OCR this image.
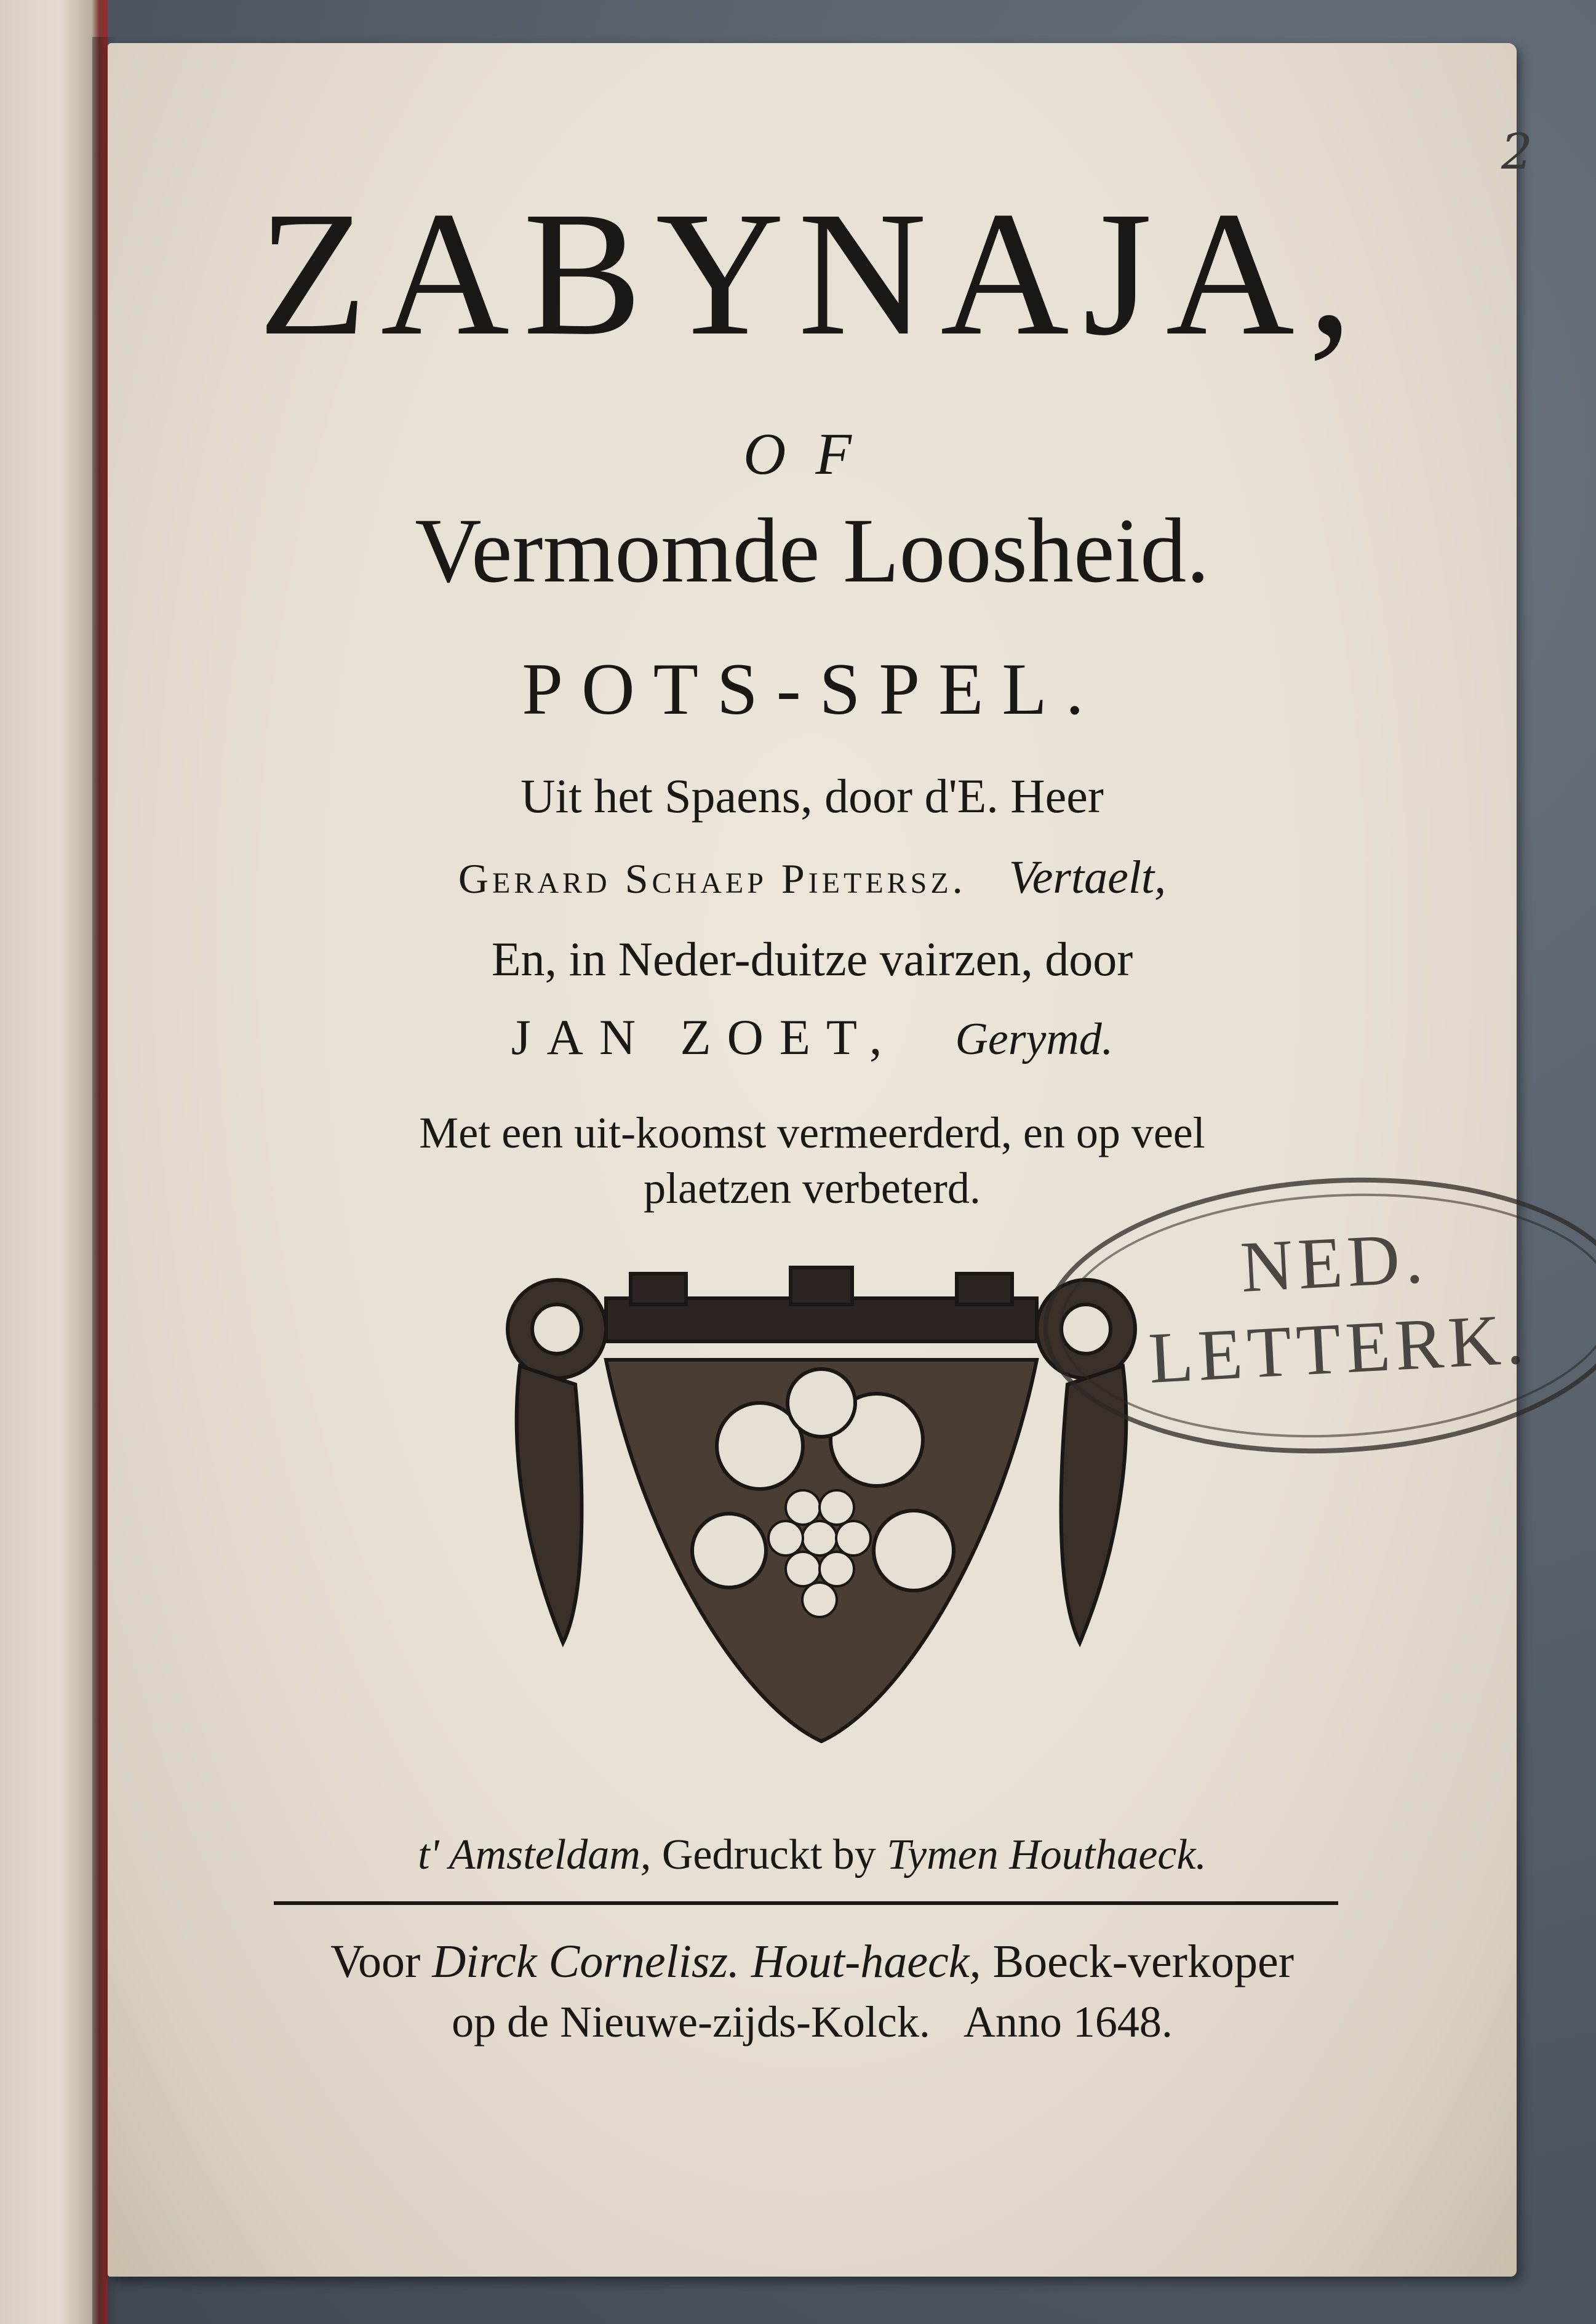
2
ZABYNAJA,
OF
Vermomde Loosheid.
POTS-SPEL.
Uit het Spaens, door d'E. Heer
Gerard Schaep Pietersz. Vertaelt,
En, in Neder-duitze vairzen, door
JAN ZOET, Gerymd.
Met een uit-koomst vermeerderd, en op veel
plaetzen verbeterd.
NED.
LETTERK.
t' Amsteldam, Gedruckt by Tymen Houthaeck.
Voor Dirck Cornelisz. Hout-haeck, Boeck-verkoper
op de Nieuwe-zijds-Kolck. Anno 1648.
